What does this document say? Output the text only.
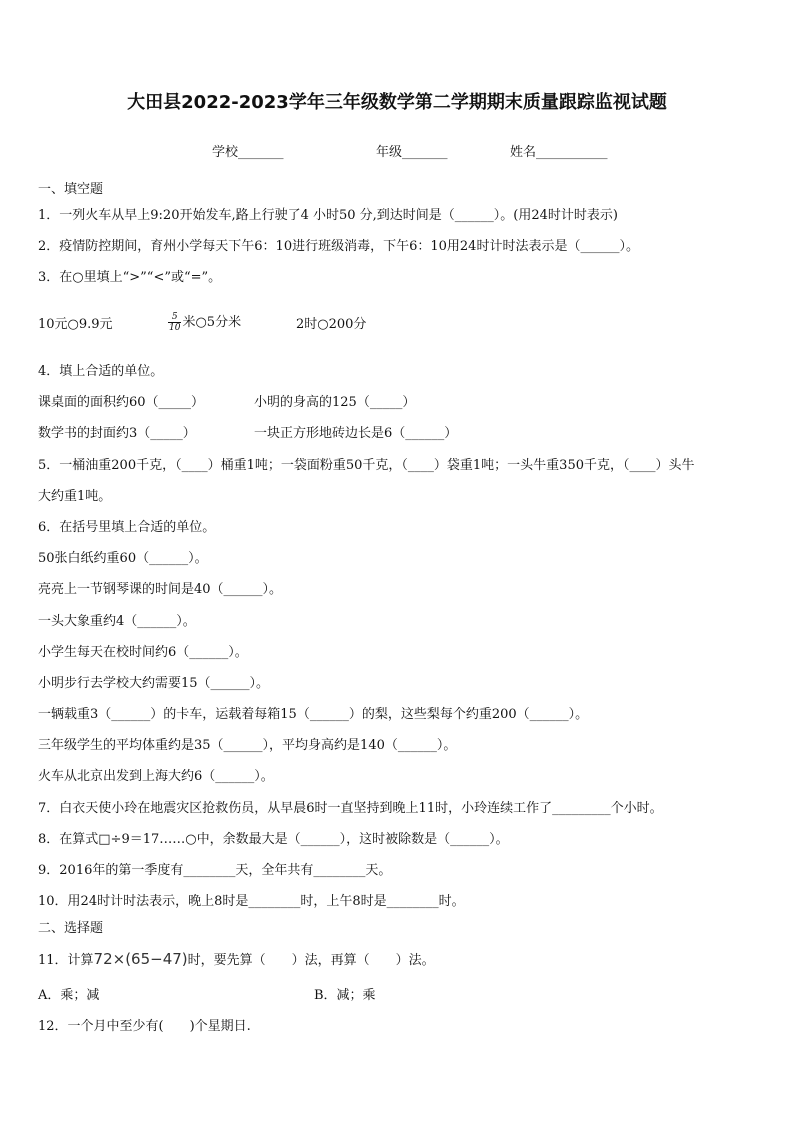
大田县2022-2023学年三年级数学第二学期期末质量跟踪监视试题
学校_______	年级_______	姓名___________
一、填空题
1．一列火车从早上9:20开始发车,路上行驶了4 小时50 分,到达时间是（______）。(用24时计时表示)
2．疫情防控期间，育州小学每天下午6：10进行班级消毒，下午6：10用24时计时法表示是（______）。
3．在○里填上“>”“<”或“=”。
10元○9.9元	$\frac{5}{10}$ 米○5分米	2时○200分
4．填上合适的单位。
课桌面的面积约60（_____）	小明的身高的125（_____）
数学书的封面约3（_____）	一块正方形地砖边长是6（______）
5．一桶油重200千克，（____）桶重1吨；一袋面粉重50千克，（____）袋重1吨；一头牛重350千克，（____）头牛
大约重1吨。
6．在括号里填上合适的单位。
50张白纸约重60（______）。
亮亮上一节钢琴课的时间是40（______）。
一头大象重约4（______）。
小学生每天在校时间约6（______）。
小明步行去学校大约需要15（______）。
一辆载重3（______）的卡车，运载着每箱15（______）的梨，这些梨每个约重200（______）。
三年级学生的平均体重约是35（______），平均身高约是140（______）。
火车从北京出发到上海大约6（______）。
7．白衣天使小玲在地震灾区抢救伤员，从早晨6时一直坚持到晚上11时，小玲连续工作了_________个小时。
8．在算式□÷9＝17……○中，余数最大是（______），这时被除数是（______）。
9．2016年的第一季度有________天，全年共有________天。
10．用24时计时法表示，晚上8时是________时，上午8时是________时。
二、选择题
11．计算72×(65−47)时，要先算（　　）法，再算（　　）法。
A．乘；减	B．减；乘
12．一个月中至少有(　　)个星期日.
